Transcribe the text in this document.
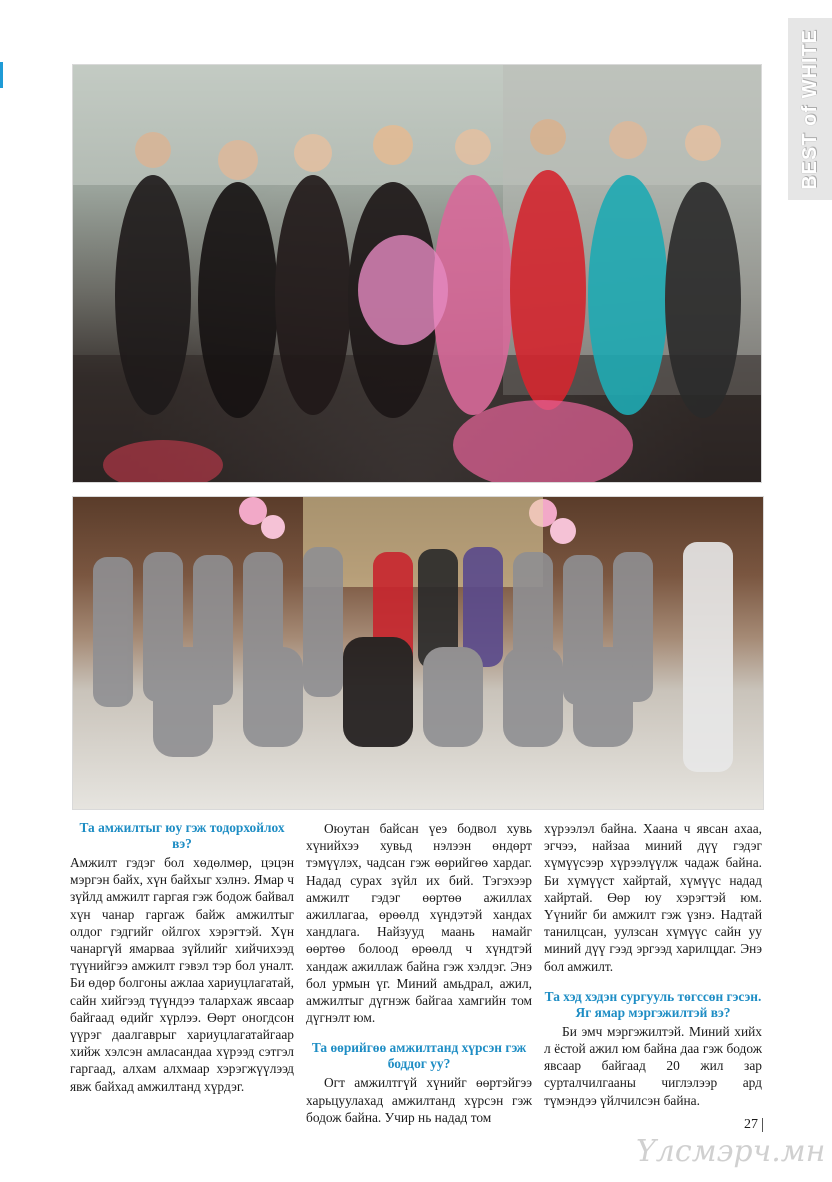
BEST of WHITE
Та амжилтыг юу гэж тодорхойлох вэ?

Амжилт гэдэг бол хөдөлмөр, цэцэн мэргэн байх, хүн байхыг хэлнэ. Ямар ч зүйлд амжилт гаргая гэж бодож байвал хүн чанар гаргаж байж амжилтыг олдог гэдгийг ойлгох хэрэгтэй. Хүн чанаргүй ямарваа зүйлийг хийчихээд түүнийгээ амжилт гэвэл тэр бол уналт. Би өдөр болгоны ажлаа хариуцлагатай, сайн хийгээд түүндээ талархаж явсаар байгаад өдийг хүрлээ. Өөрт оногдсон үүрэг даалгаврыг хариуцлагатайгаар хийж хэлсэн амласандаа хүрээд сэтгэл гаргаад, алхам алхмаар хэрэгжүүлээд явж байхад амжилтанд хүрдэг.

Оюутан байсан үеэ бодвол хувь хүнийхээ хувьд нэлээн өндөрт тэмүүлэх, чадсан гэж өөрийгөө хардаг. Надад сурах зүйл их бий. Тэгэхээр амжилт гэдэг өөртөө ажиллах ажиллагаа, өрөөлд хүндэтэй хандах хандлага. Найзууд маань намайг өөртөө болоод өрөөлд ч хүндтэй хандаж ажиллаж байна гэж хэлдэг. Энэ бол урмын үг. Миний амьдрал, ажил, амжилтыг дүгнэж байгаа хамгийн том дүгнэлт юм.

Та өөрийгөө амжилтанд хүрсэн гэж боддог уу?

Огт амжилтгүй хүнийг өөртэйгээ харьцуулахад амжилтанд хүрсэн гэж бодож байна. Учир нь надад том

хүрээлэл байна. Хаана ч явсан ахаа, эгчээ, найзаа миний дүү гэдэг хүмүүсээр хүрээлүүлж чадаж байна. Би хүмүүст хайртай, хүмүүс надад хайртай. Өөр юу хэрэгтэй юм. Үүнийг би амжилт гэж үзнэ. Надтай танилцсан, уулзсан хүмүүс сайн уу миний дүү гээд эргээд харилцдаг. Энэ бол амжилт.

Та хэд хэдэн сургууль төгссөн гэсэн. Яг ямар мэргэжилтэй вэ?

Би эмч мэргэжилтэй. Миний хийх л ёстой ажил юм байна даа гэж бодож явсаар байгаад 20 жил зар сурталчилгааны чиглэлээр ард түмэндээ үйлчилсэн байна.

27
Үлсмэрч.мн
